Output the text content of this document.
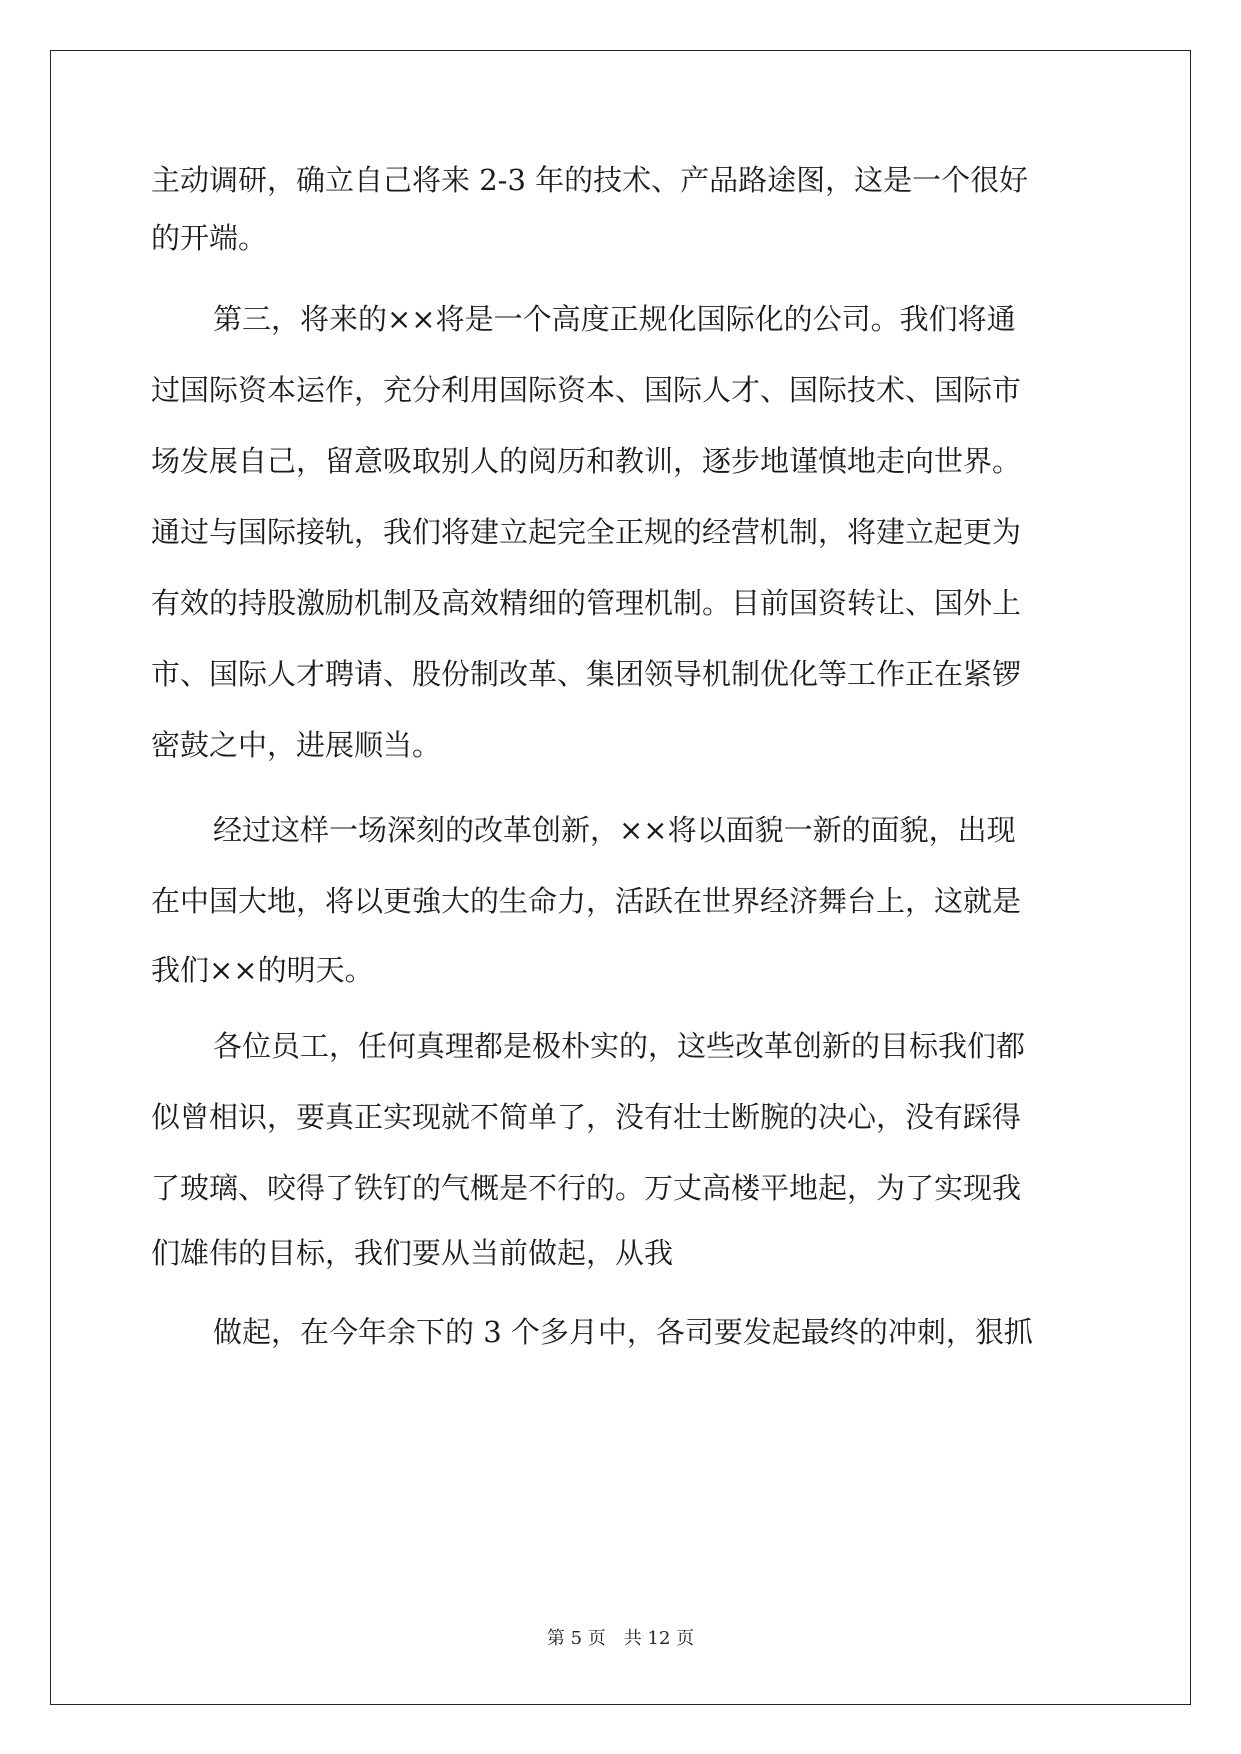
主动调研，确立自己将来 2-3 年的技术、产品路途图，这是一个很好
的开端。
第三，将来的××将是一个高度正规化国际化的公司。我们将通
过国际资本运作，充分利用国际资本、国际人才、国际技术、国际市
场发展自己，留意吸取别人的阅历和教训，逐步地谨慎地走向世界。
通过与国际接轨，我们将建立起完全正规的经营机制，将建立起更为
有效的持股激励机制及高效精细的管理机制。目前国资转让、国外上
市、国际人才聘请、股份制改革、集团领导机制优化等工作正在紧锣
密鼓之中，进展顺当。
经过这样一场深刻的改革创新，××将以面貌一新的面貌，出现
在中国大地，将以更強大的生命力，活跃在世界经济舞台上，这就是
我们××的明天。
各位员工，任何真理都是极朴实的，这些改革创新的目标我们都
似曾相识，要真正实现就不简单了，没有壮士断腕的决心，没有踩得
了玻璃、咬得了铁钉的气概是不行的。万丈高楼平地起，为了实现我
们雄伟的目标，我们要从当前做起，从我
做起，在今年余下的 3 个多月中，各司要发起最终的冲刺，狠抓
第 5 页　共 12 页
